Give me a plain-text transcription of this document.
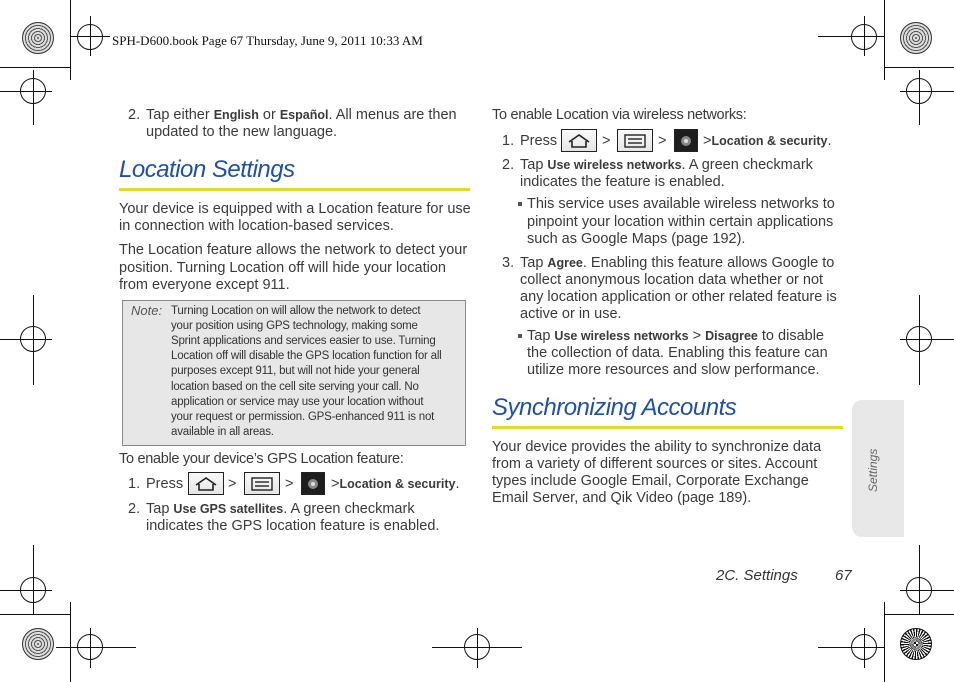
SPH-D600.book Page 67 Thursday, June 9, 2011 10:33 AM
2. Tap either English or Español. All menus are then
updated to the new language.
Location Settings
Your device is equipped with a Location feature for use
in connection with location-based services.
The Location feature allows the network to detect your
position. Turning Location off will hide your location
from everyone except 911.
Note: Turning Location on will allow the network to detect
your position using GPS technology, making some
Sprint applications and services easier to use. Turning
Location off will disable the GPS location function for all
purposes except 911, but will not hide your general
location based on the cell site serving your call. No
application or service may use your location without
your request or permission. GPS-enhanced 911 is not
available in all areas.
To enable your device’s GPS Location feature:
1. Press	>	>	>Location & security.
2. Tap Use GPS satellites. A green checkmark
indicates the GPS location feature is enabled.
To enable Location via wireless networks:
1. Press	>	>	>Location & security.
2. Tap Use wireless networks. A green checkmark
indicates the feature is enabled.
This service uses available wireless networks to
pinpoint your location within certain applications
such as Google Maps (page 192).
3. Tap Agree. Enabling this feature allows Google to
collect anonymous location data whether or not
any location application or other related feature is
active or in use.
Tap Use wireless networks > Disagree to disable
the collection of data. Enabling this feature can
utilize more resources and slow performance.
Synchronizing Accounts
Your device provides the ability to synchronize data
from a variety of different sources or sites. Account
types include Google Email, Corporate Exchange
Email Server, and Qik Video (page 189).
Settings
2C. Settings 67
